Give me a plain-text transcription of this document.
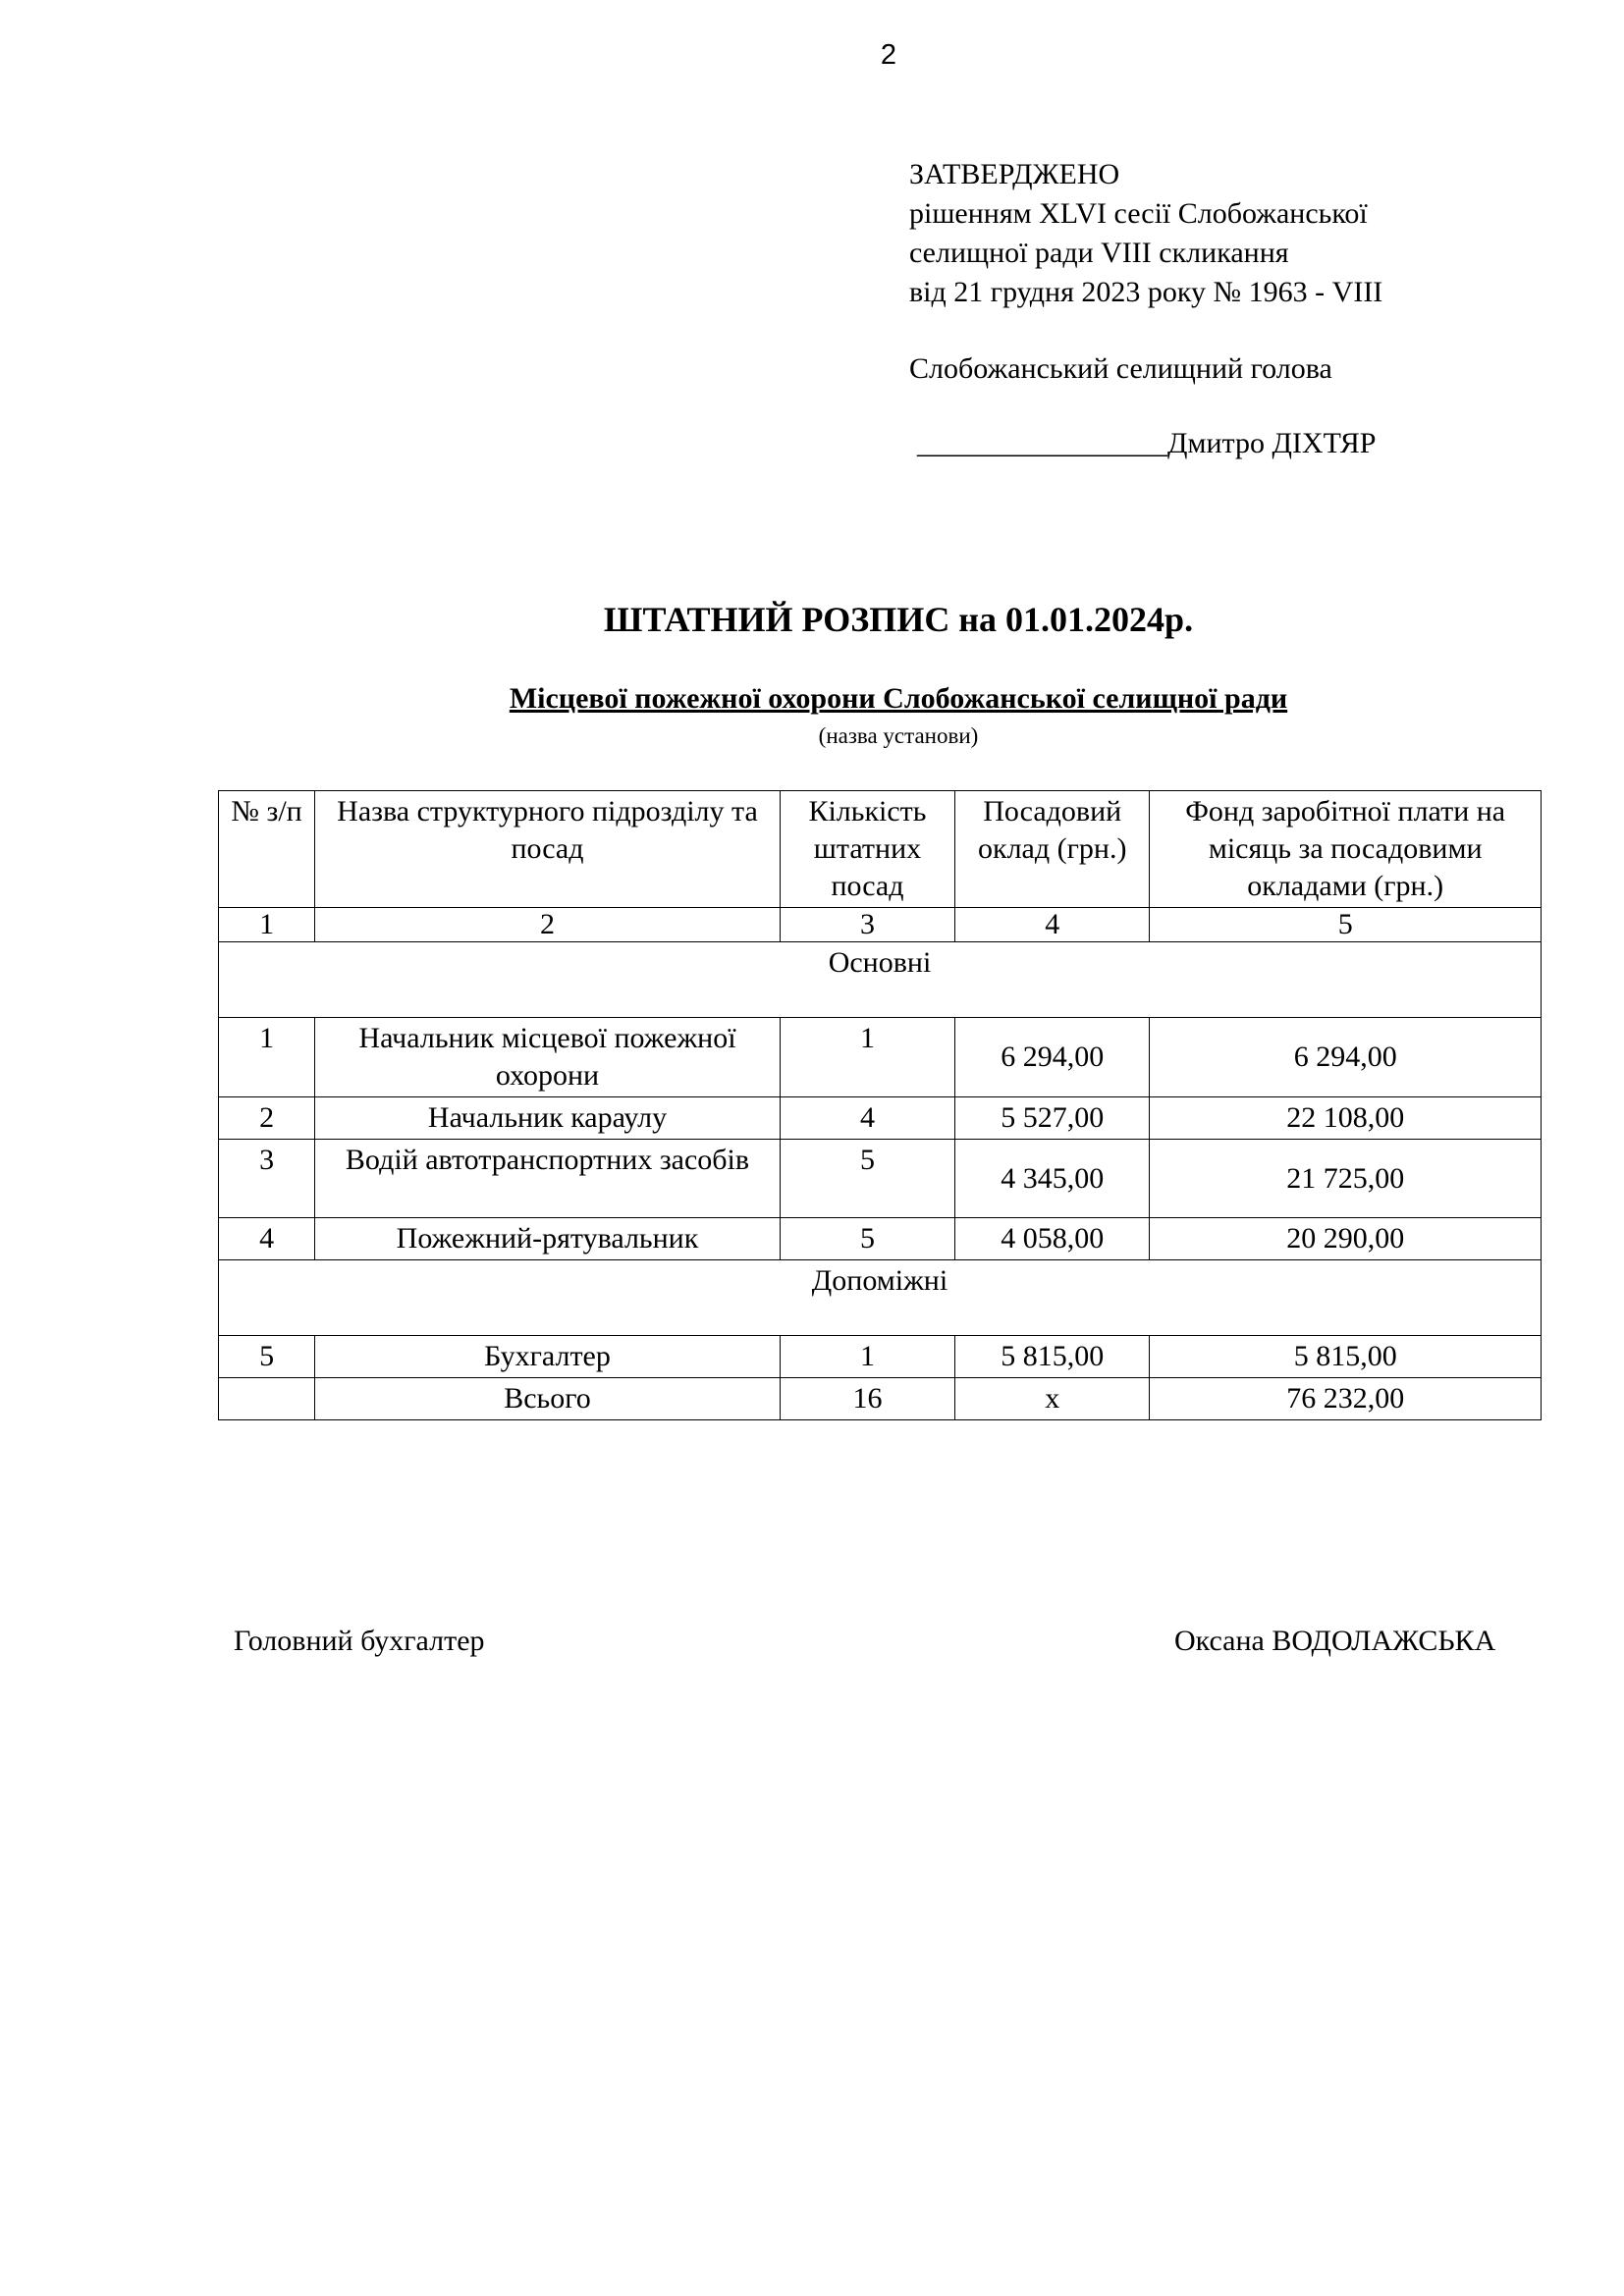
2
ЗАТВЕРДЖЕНО
рішенням XLVI сесії Слобожанської
селищної ради VIII скликання
від 21 грудня 2023 року № 1963 - VIII
Слобожанський селищний голова
_________________Дмитро ДІХТЯР
ШТАТНИЙ РОЗПИС на 01.01.2024р.
Місцевої пожежної охорони Слобожанської селищної ради
(назва установи)
№ з/п	Назва структурного підрозділу та посад	Кількість штатних посад	Посадовий оклад (грн.)	Фонд заробітної плати на місяць за посадовими окладами (грн.)
1	2	3	4	5
Основні				
1	Начальник місцевої пожежної охорони	1	6 294,00	6 294,00
2	Начальник караулу	4	5 527,00	22 108,00
3	Водій автотранспортних засобів	5	4 345,00	21 725,00
4	Пожежний-рятувальник	5	4 058,00	20 290,00
Допоміжні				
5	Бухгалтер	1	5 815,00	5 815,00
	Всього	16	х	76 232,00
Головний бухгалтер	Оксана ВОДОЛАЖСЬКА
